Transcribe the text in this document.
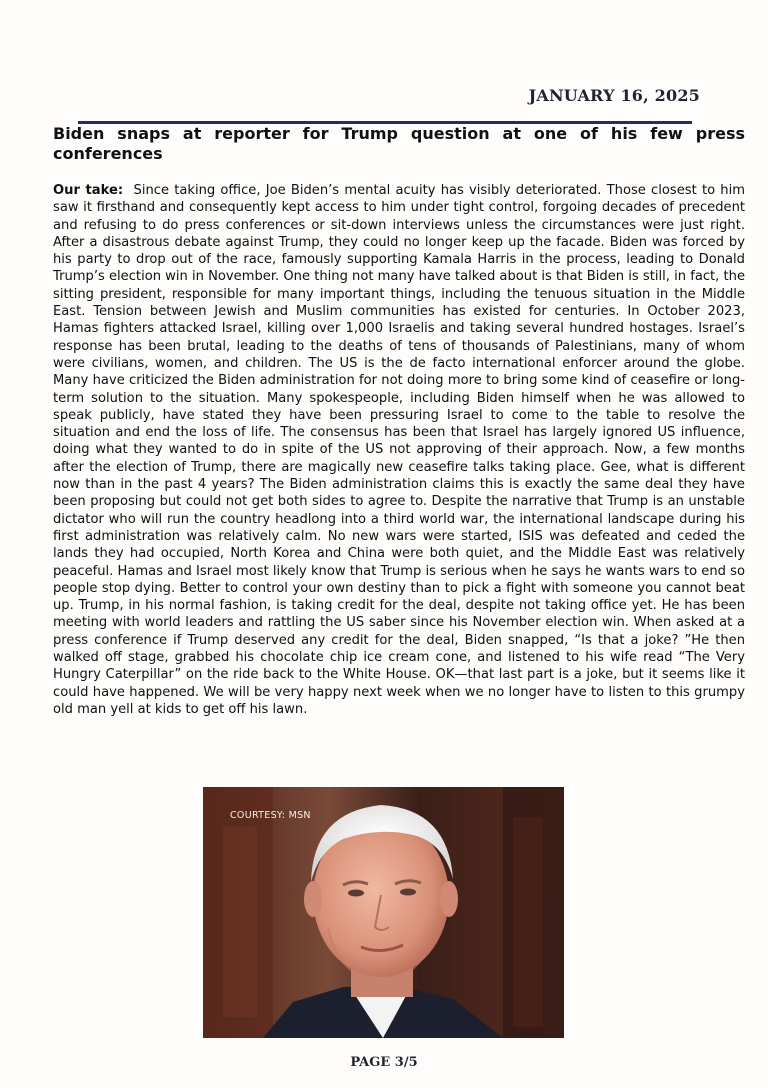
JANUARY 16, 2025
Biden snaps at reporter for Trump question at one of his few press conferences

Our take: Since taking office, Joe Biden’s mental acuity has visibly deteriorated. Those closest to him saw it firsthand and consequently kept access to him under tight control, forgoing decades of precedent and refusing to do press conferences or sit-down interviews unless the circumstances were just right. After a disastrous debate against Trump, they could no longer keep up the facade. Biden was forced by his party to drop out of the race, famously supporting Kamala Harris in the process, leading to Donald Trump’s election win in November. One thing not many have talked about is that Biden is still, in fact, the sitting president, responsible for many important things, including the tenuous situation in the Middle East. Tension between Jewish and Muslim communities has existed for centuries. In October 2023, Hamas fighters attacked Israel, killing over 1,000 Israelis and taking several hundred hostages. Israel’s response has been brutal, leading to the deaths of tens of thousands of Palestinians, many of whom were civilians, women, and children. The US is the de facto international enforcer around the globe. Many have criticized the Biden administration for not doing more to bring some kind of ceasefire or long-term solution to the situation. Many spokespeople, including Biden himself when he was allowed to speak publicly, have stated they have been pressuring Israel to come to the table to resolve the situation and end the loss of life. The consensus has been that Israel has largely ignored US influence, doing what they wanted to do in spite of the US not approving of their approach. Now, a few months after the election of Trump, there are magically new ceasefire talks taking place. Gee, what is different now than in the past 4 years? The Biden administration claims this is exactly the same deal they have been proposing but could not get both sides to agree to. Despite the narrative that Trump is an unstable dictator who will run the country headlong into a third world war, the international landscape during his first administration was relatively calm. No new wars were started, ISIS was defeated and ceded the lands they had occupied, North Korea and China were both quiet, and the Middle East was relatively peaceful. Hamas and Israel most likely know that Trump is serious when he says he wants wars to end so people stop dying. Better to control your own destiny than to pick a fight with someone you cannot beat up. Trump, in his normal fashion, is taking credit for the deal, despite not taking office yet. He has been meeting with world leaders and rattling the US saber since his November election win. When asked at a press conference if Trump deserved any credit for the deal, Biden snapped, “Is that a joke? ”He then walked off stage, grabbed his chocolate chip ice cream cone, and listened to his wife read “The Very Hungry Caterpillar” on the ride back to the White House. OK—that last part is a joke, but it seems like it could have happened. We will be very happy next week when we no longer have to listen to this grumpy old man yell at kids to get off his lawn.

COURTESY: MSN
PAGE 3/5
